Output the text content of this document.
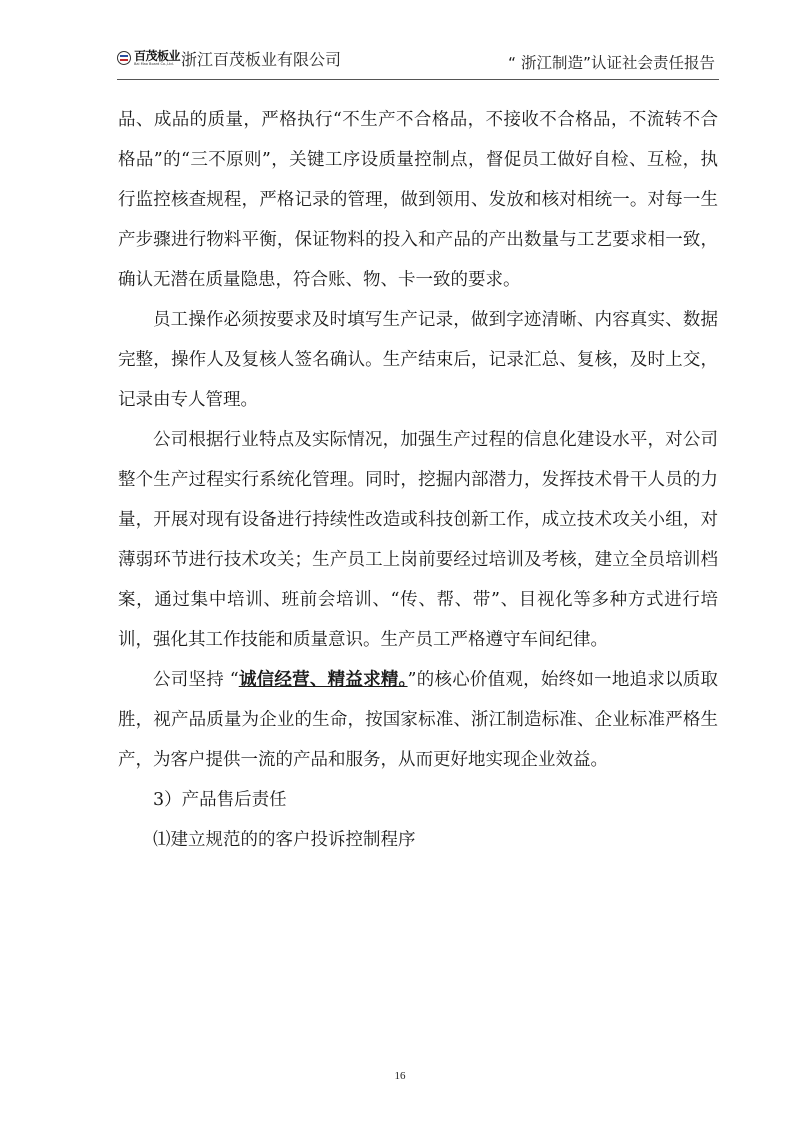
百茂板业
Bai Mao Board Co.,Ltd. 浙江百茂板业有限公司	“ 浙江制造”认证社会责任报告

品、成品的质量，严格执行“不生产不合格品，不接收不合格品，不流转不合格品”的“三不原则”，关键工序设质量控制点，督促员工做好自检、互检，执行监控核查规程，严格记录的管理，做到领用、发放和核对相统一。对每一生产步骤进行物料平衡，保证物料的投入和产品的产出数量与工艺要求相一致，确认无潜在质量隐患，符合账、物、卡一致的要求。

员工操作必须按要求及时填写生产记录，做到字迹清晰、内容真实、数据完整，操作人及复核人签名确认。生产结束后，记录汇总、复核，及时上交，记录由专人管理。

公司根据行业特点及实际情况，加强生产过程的信息化建设水平，对公司整个生产过程实行系统化管理。同时，挖掘内部潜力，发挥技术骨干人员的力量，开展对现有设备进行持续性改造或科技创新工作，成立技术攻关小组，对薄弱环节进行技术攻关；生产员工上岗前要经过培训及考核，建立全员培训档案，通过集中培训、班前会培训、“传、帮、带”、目视化等多种方式进行培训，强化其工作技能和质量意识。生产员工严格遵守车间纪律。

公司坚持 “诚信经营、精益求精。”的核心价值观，始终如一地追求以质取胜，视产品质量为企业的生命，按国家标准、浙江制造标准、企业标准严格生产，为客户提供一流的产品和服务，从而更好地实现企业效益。

3）产品售后责任

⑴建立规范的的客户投诉控制程序

16
